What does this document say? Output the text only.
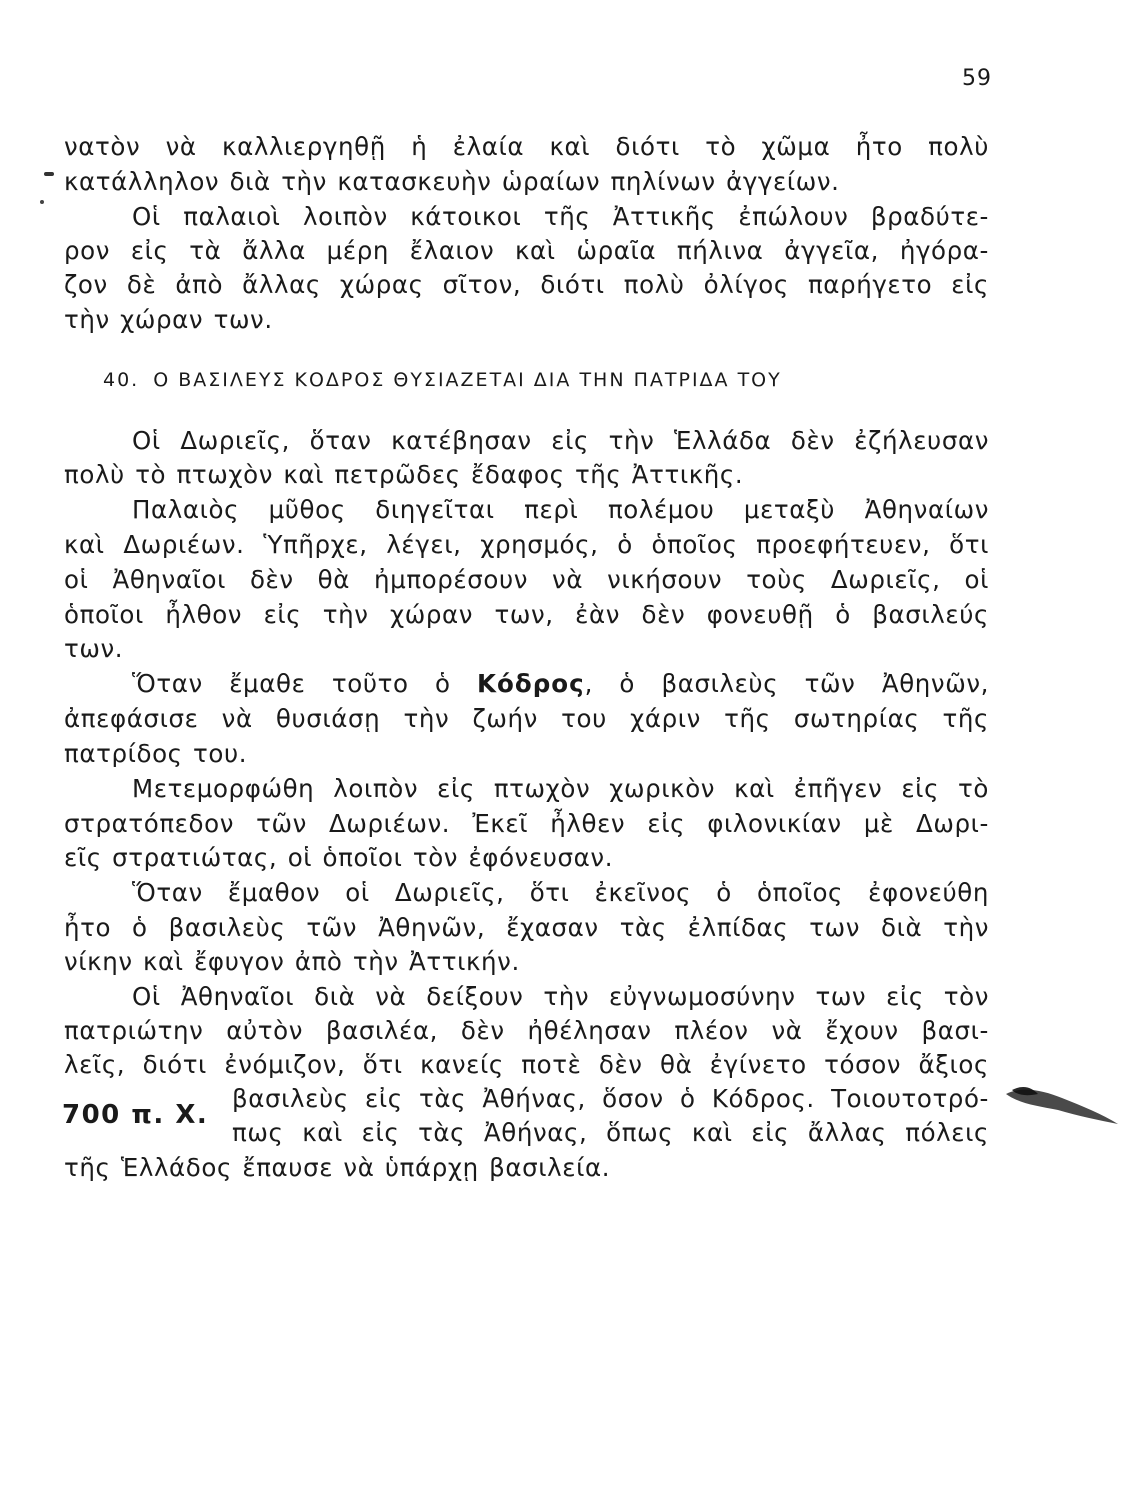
59
νατὸν νὰ καλλιεργηθῇ ἡ ἐλαία καὶ διότι τὸ χῶμα ἦτο πολὺ
κατάλληλον διὰ τὴν κατασκευὴν ὡραίων πηλίνων ἀγγείων.
Οἱ παλαιοὶ λοιπὸν κάτοικοι τῆς Ἀττικῆς ἐπώλουν βραδύτε-
ρον εἰς τὰ ἄλλα μέρη ἔλαιον καὶ ὡραῖα πήλινα ἀγγεῖα, ἠγόρα-
ζον δὲ ἀπὸ ἄλλας χώρας σῖτον, διότι πολὺ ὀλίγος παρήγετο εἰς
τὴν χώραν των.
40. Ο ΒΑΣΙΛΕΥΣ ΚΟΔΡΟΣ ΘΥΣΙΑΖΕΤΑΙ ΔΙΑ ΤΗΝ ΠΑΤΡΙΔΑ ΤΟΥ
Οἱ Δωριεῖς, ὅταν κατέβησαν εἰς τὴν Ἑλλάδα δὲν ἐζήλευσαν
πολὺ τὸ πτωχὸν καὶ πετρῶδες ἔδαφος τῆς Ἀττικῆς.
Παλαιὸς μῦθος διηγεῖται περὶ πολέμου μεταξὺ Ἀθηναίων
καὶ Δωριέων. Ὑπῆρχε, λέγει, χρησμός, ὁ ὁποῖος προεφήτευεν, ὅτι
οἱ Ἀθηναῖοι δὲν θὰ ἠμπορέσουν νὰ νικήσουν τοὺς Δωριεῖς, οἱ
ὁποῖοι ἦλθον εἰς τὴν χώραν των, ἐὰν δὲν φονευθῇ ὁ βασιλεύς
των.
Ὅταν ἔμαθε τοῦτο ὁ Κόδρος, ὁ βασιλεὺς τῶν Ἀθηνῶν,
ἀπεφάσισε νὰ θυσιάσῃ τὴν ζωήν του χάριν τῆς σωτηρίας τῆς
πατρίδος του.
Μετεμορφώθη λοιπὸν εἰς πτωχὸν χωρικὸν καὶ ἐπῆγεν εἰς τὸ
στρατόπεδον τῶν Δωριέων. Ἐκεῖ ἦλθεν εἰς φιλονικίαν μὲ Δωρι-
εῖς στρατιώτας, οἱ ὁποῖοι τὸν ἐφόνευσαν.
Ὅταν ἔμαθον οἱ Δωριεῖς, ὅτι ἐκεῖνος ὁ ὁποῖος ἐφονεύθη
ἦτο ὁ βασιλεὺς τῶν Ἀθηνῶν, ἔχασαν τὰς ἐλπίδας των διὰ τὴν
νίκην καὶ ἔφυγον ἀπὸ τὴν Ἀττικήν.
Οἱ Ἀθηναῖοι διὰ νὰ δείξουν τὴν εὐγνωμοσύνην των εἰς τὸν
πατριώτην αὐτὸν βασιλέα, δὲν ἠθέλησαν πλέον νὰ ἔχουν βασι-
λεῖς, διότι ἐνόμιζον, ὅτι κανείς ποτὲ δὲν θὰ ἐγίνετο τόσον ἄξιος
700 π. Χ.
βασιλεὺς εἰς τὰς Ἀθήνας, ὅσον ὁ Κόδρος. Τοιουτοτρό-
πως καὶ εἰς τὰς Ἀθήνας, ὅπως καὶ εἰς ἄλλας πόλεις
τῆς Ἑλλάδος ἔπαυσε νὰ ὑπάρχῃ βασιλεία.
